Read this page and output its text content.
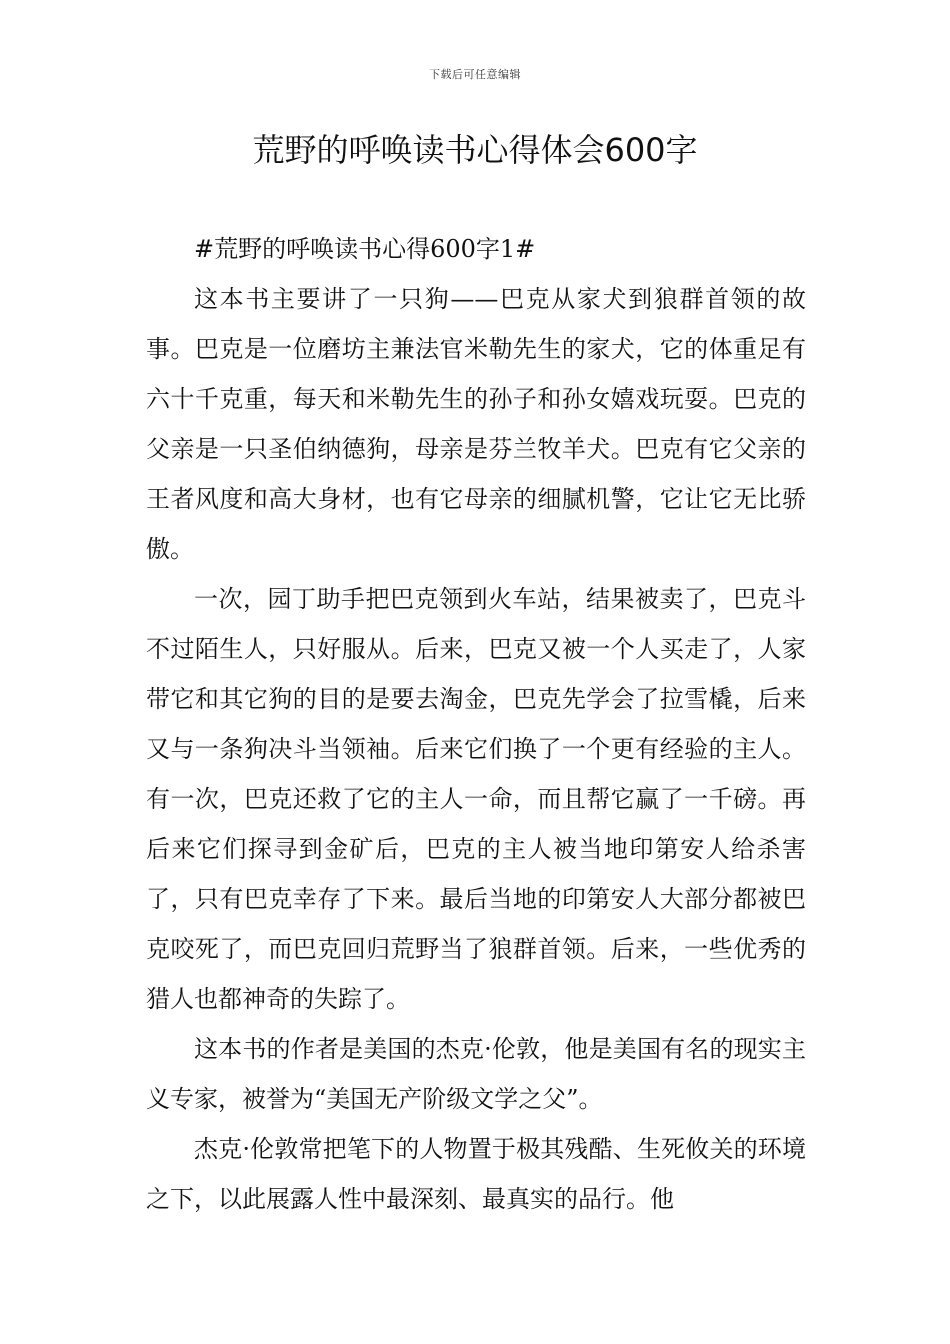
下载后可任意编辑
荒野的呼唤读书心得体会600字

#荒野的呼唤读书心得600字1#

这本书主要讲了一只狗——巴克从家犬到狼群首领的故事。巴克是一位磨坊主兼法官米勒先生的家犬，它的体重足有六十千克重，每天和米勒先生的孙子和孙女嬉戏玩耍。巴克的父亲是一只圣伯纳德狗，母亲是芬兰牧羊犬。巴克有它父亲的王者风度和高大身材，也有它母亲的细腻机警，它让它无比骄傲。

一次，园丁助手把巴克领到火车站，结果被卖了，巴克斗不过陌生人，只好服从。后来，巴克又被一个人买走了，人家带它和其它狗的目的是要去淘金，巴克先学会了拉雪橇，后来又与一条狗决斗当领袖。后来它们换了一个更有经验的主人。有一次，巴克还救了它的主人一命，而且帮它赢了一千磅。再后来它们探寻到金矿后，巴克的主人被当地印第安人给杀害了，只有巴克幸存了下来。最后当地的印第安人大部分都被巴克咬死了，而巴克回归荒野当了狼群首领。后来，一些优秀的猎人也都神奇的失踪了。

这本书的作者是美国的杰克·伦敦，他是美国有名的现实主义专家，被誉为“美国无产阶级文学之父”。

杰克·伦敦常把笔下的人物置于极其残酷、生死攸关的环境之下，以此展露人性中最深刻、最真实的品行。他
